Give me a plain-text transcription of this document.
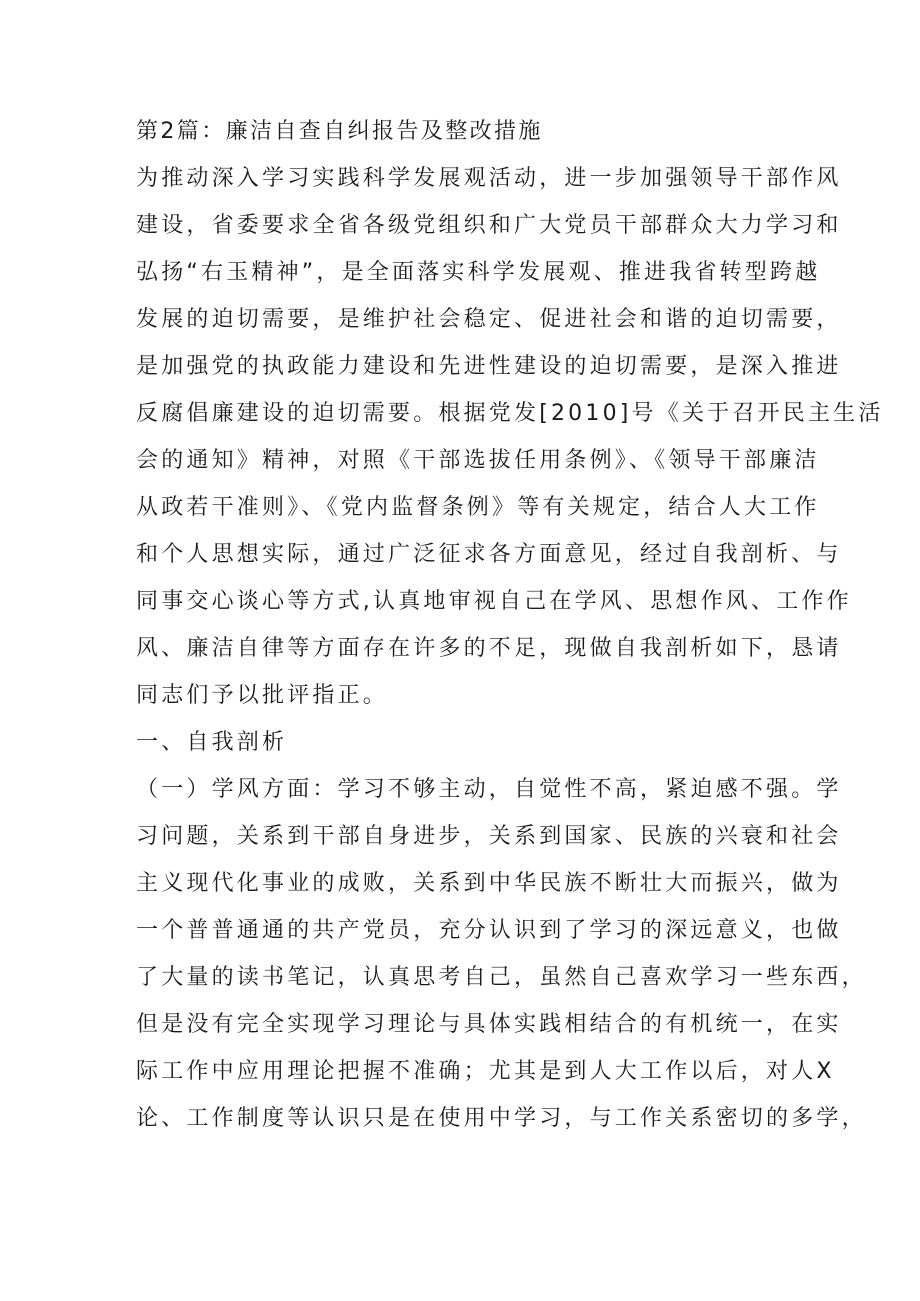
第2篇：廉洁自查自纠报告及整改措施
为推动深入学习实践科学发展观活动，进一步加强领导干部作风
建设，省委要求全省各级党组织和广大党员干部群众大力学习和
弘扬“右玉精神”，是全面落实科学发展观、推进我省转型跨越
发展的迫切需要，是维护社会稳定、促进社会和谐的迫切需要，
是加强党的执政能力建设和先进性建设的迫切需要，是深入推进
反腐倡廉建设的迫切需要。根据党发[2010]号《关于召开民主生活
会的通知》精神，对照《干部选拔任用条例》、《领导干部廉洁
从政若干准则》、《党内监督条例》等有关规定，结合人大工作
和个人思想实际，通过广泛征求各方面意见，经过自我剖析、与
同事交心谈心等方式,认真地审视自己在学风、思想作风、工作作
风、廉洁自律等方面存在许多的不足，现做自我剖析如下，恳请
同志们予以批评指正。
一、自我剖析
（一）学风方面：学习不够主动，自觉性不高，紧迫感不强。学
习问题，关系到干部自身进步，关系到国家、民族的兴衰和社会
主义现代化事业的成败，关系到中华民族不断壮大而振兴，做为
一个普普通通的共产党员，充分认识到了学习的深远意义，也做
了大量的读书笔记，认真思考自己，虽然自己喜欢学习一些东西，
但是没有完全实现学习理论与具体实践相结合的有机统一，在实
际工作中应用理论把握不准确；尤其是到人大工作以后，对人X
论、工作制度等认识只是在使用中学习，与工作关系密切的多学，
